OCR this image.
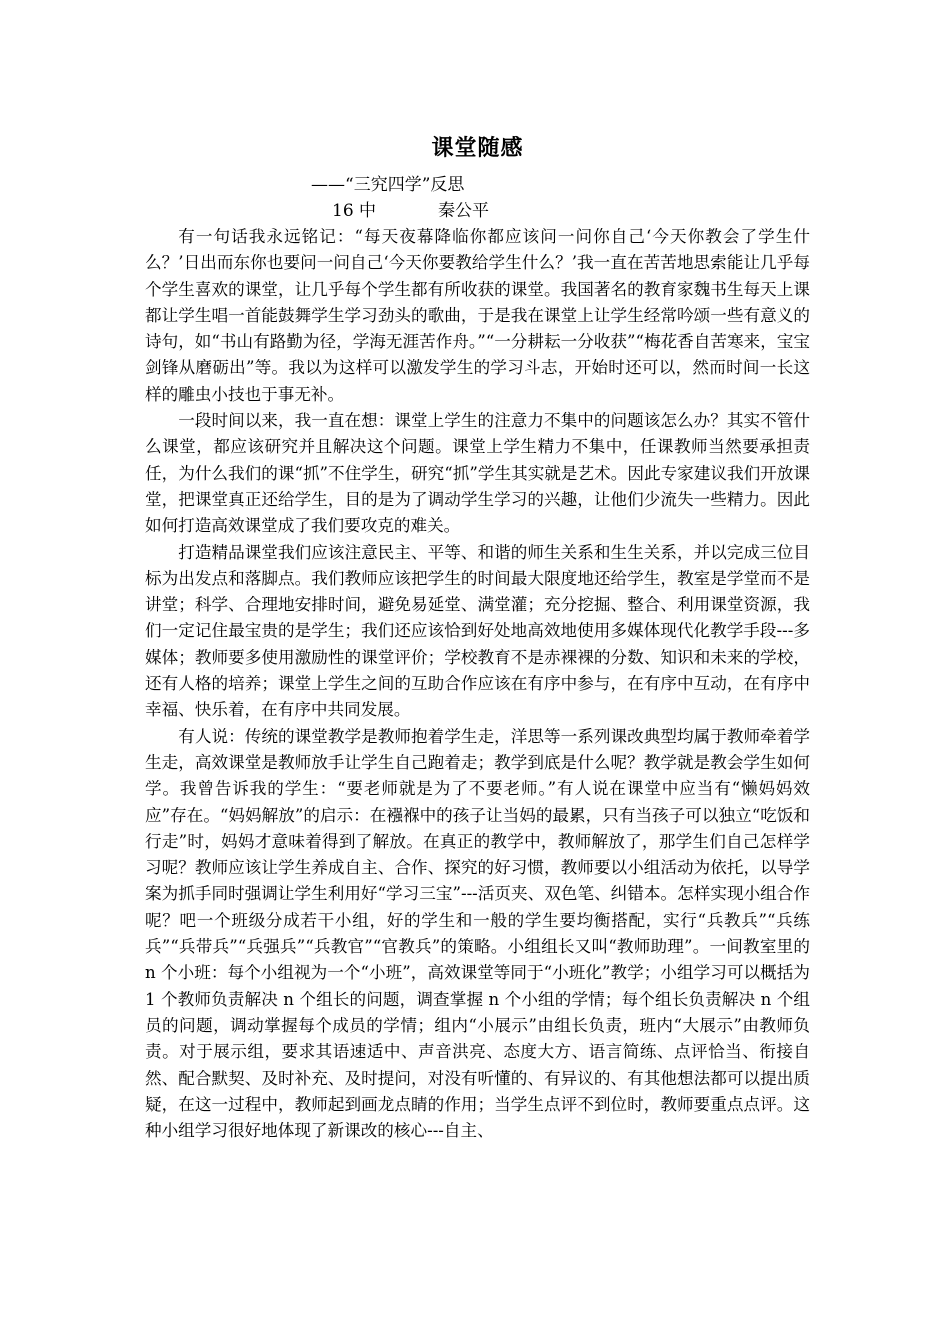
课堂随感

——“三究四学”反思

16 中	秦公平

有一句话我永远铭记：“每天夜幕降临你都应该问一问你自己‘今天你教会了学生什么？’日出而东你也要问一问自己‘今天你要教给学生什么？’我一直在苦苦地思索能让几乎每个学生喜欢的课堂，让几乎每个学生都有所收获的课堂。我国著名的教育家魏书生每天上课都让学生唱一首能鼓舞学生学习劲头的歌曲，于是我在课堂上让学生经常吟颂一些有意义的诗句，如“书山有路勤为径，学海无涯苦作舟。”“一分耕耘一分收获”“梅花香自苦寒来，宝宝剑锋从磨砺出”等。我以为这样可以激发学生的学习斗志，开始时还可以，然而时间一长这样的雕虫小技也于事无补。

一段时间以来，我一直在想：课堂上学生的注意力不集中的问题该怎么办？其实不管什么课堂，都应该研究并且解决这个问题。课堂上学生精力不集中，任课教师当然要承担责任，为什么我们的课“抓”不住学生，研究“抓”学生其实就是艺术。因此专家建议我们开放课堂，把课堂真正还给学生，目的是为了调动学生学习的兴趣，让他们少流失一些精力。因此如何打造高效课堂成了我们要攻克的难关。

打造精品课堂我们应该注意民主、平等、和谐的师生关系和生生关系，并以完成三位目标为出发点和落脚点。我们教师应该把学生的时间最大限度地还给学生，教室是学堂而不是讲堂；科学、合理地安排时间，避免易延堂、满堂灌；充分挖掘、整合、利用课堂资源，我们一定记住最宝贵的是学生；我们还应该恰到好处地高效地使用多媒体现代化教学手段---多媒体；教师要多使用激励性的课堂评价；学校教育不是赤裸裸的分数、知识和未来的学校，还有人格的培养；课堂上学生之间的互助合作应该在有序中参与，在有序中互动，在有序中幸福、快乐着，在有序中共同发展。

有人说：传统的课堂教学是教师抱着学生走，洋思等一系列课改典型均属于教师牵着学生走，高效课堂是教师放手让学生自己跑着走；教学到底是什么呢？教学就是教会学生如何学。我曾告诉我的学生：“要老师就是为了不要老师。”有人说在课堂中应当有“懒妈妈效应”存在。“妈妈解放”的启示：在襁褓中的孩子让当妈的最累，只有当孩子可以独立“吃饭和行走”时，妈妈才意味着得到了解放。在真正的教学中，教师解放了，那学生们自己怎样学习呢？教师应该让学生养成自主、合作、探究的好习惯，教师要以小组活动为依托，以导学案为抓手同时强调让学生利用好“学习三宝”---活页夹、双色笔、纠错本。怎样实现小组合作呢？吧一个班级分成若干小组，好的学生和一般的学生要均衡搭配，实行“兵教兵”“兵练兵”“兵带兵”“兵强兵”“兵教官”“官教兵”的策略。小组组长又叫“教师助理”。一间教室里的 n 个小班：每个小组视为一个“小班”，高效课堂等同于“小班化”教学；小组学习可以概括为 1 个教师负责解决 n 个组长的问题，调查掌握 n 个小组的学情；每个组长负责解决 n 个组员的问题，调动掌握每个成员的学情；组内“小展示”由组长负责，班内“大展示”由教师负责。对于展示组，要求其语速适中、声音洪亮、态度大方、语言简练、点评恰当、衔接自然、配合默契、及时补充、及时提问，对没有听懂的、有异议的、有其他想法都可以提出质疑，在这一过程中，教师起到画龙点睛的作用；当学生点评不到位时，教师要重点点评。这种小组学习很好地体现了新课改的核心---自主、
